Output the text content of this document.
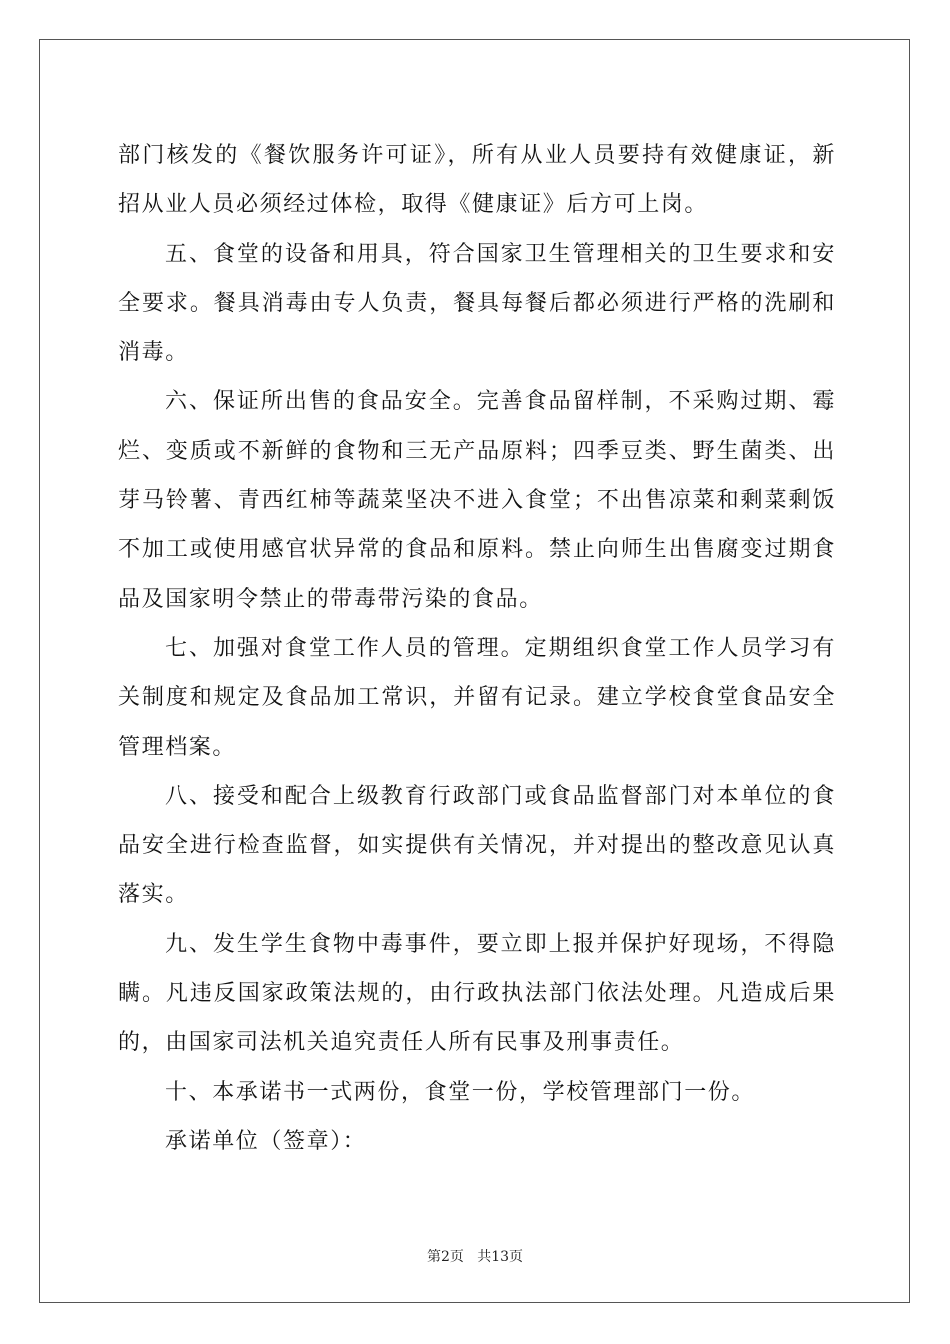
部门核发的《餐饮服务许可证》，所有从业人员要持有效健康证，新招从业人员必须经过体检，取得《健康证》后方可上岗。

五、食堂的设备和用具，符合国家卫生管理相关的卫生要求和安全要求。餐具消毒由专人负责，餐具每餐后都必须进行严格的洗刷和消毒。

六、保证所出售的食品安全。完善食品留样制，不采购过期、霉烂、变质或不新鲜的食物和三无产品原料；四季豆类、野生菌类、出芽马铃薯、青西红柿等蔬菜坚决不进入食堂；不出售凉菜和剩菜剩饭不加工或使用感官状异常的食品和原料。禁止向师生出售腐变过期食品及国家明令禁止的带毒带污染的食品。

七、加强对食堂工作人员的管理。定期组织食堂工作人员学习有关制度和规定及食品加工常识，并留有记录。建立学校食堂食品安全管理档案。

八、接受和配合上级教育行政部门或食品监督部门对本单位的食品安全进行检查监督，如实提供有关情况，并对提出的整改意见认真落实。

九、发生学生食物中毒事件，要立即上报并保护好现场，不得隐瞒。凡违反国家政策法规的，由行政执法部门依法处理。凡造成后果的，由国家司法机关追究责任人所有民事及刑事责任。

十、本承诺书一式两份，食堂一份，学校管理部门一份。

承诺单位（签章）：

第2页   共13页
